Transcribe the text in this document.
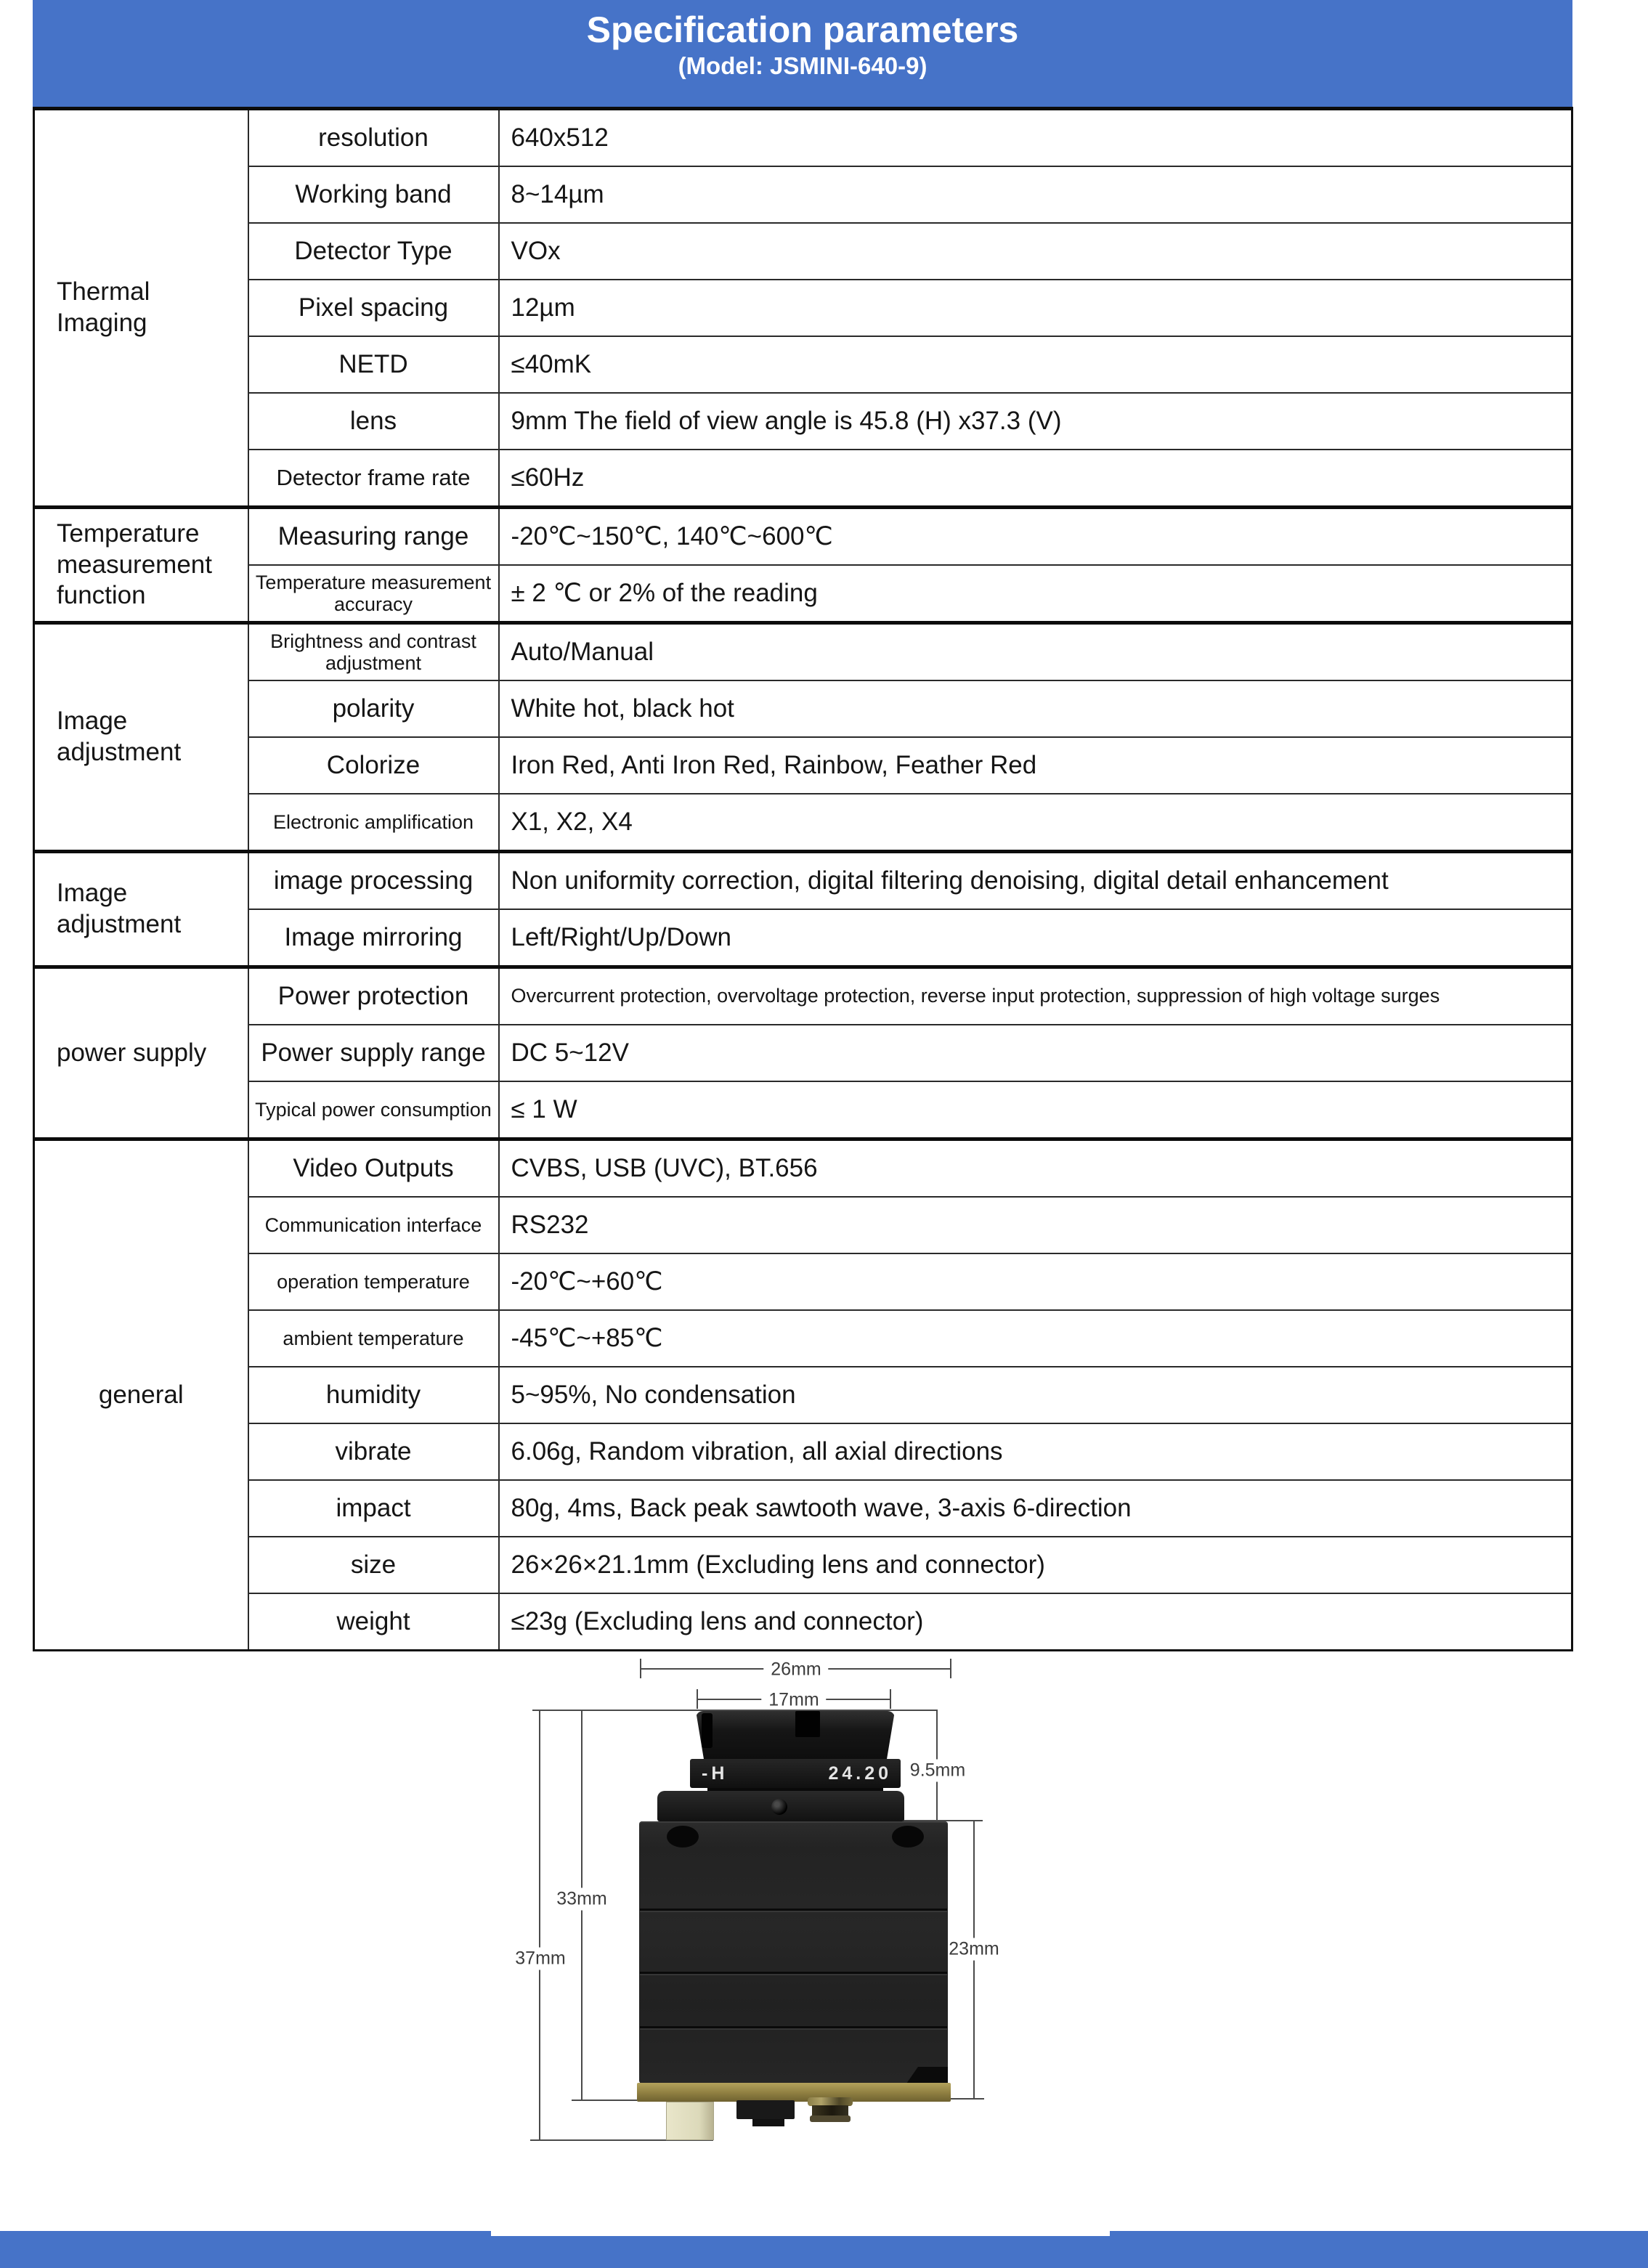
Specification parameters
(Model: JSMINI-640-9)
Thermal Imaging	resolution	640x512
	Working band	8~14µm
	Detector Type	VOx
	Pixel spacing	12µm
	NETD	≤40mK
	lens	9mm The field of view angle is 45.8 (H) x37.3 (V)
	Detector frame rate	≤60Hz
Temperature measurement function	Measuring range	-20℃~150℃, 140℃~600℃
	Temperature measurement accuracy	± 2 ℃ or 2% of the reading
Image adjustment	Brightness and contrast adjustment	Auto/Manual
	polarity	White hot, black hot
	Colorize	Iron Red, Anti Iron Red, Rainbow, Feather Red
	Electronic amplification	X1, X2, X4
Image adjustment	image processing	Non uniformity correction, digital filtering denoising, digital detail enhancement
	Image mirroring	Left/Right/Up/Down
power supply	Power protection	Overcurrent protection, overvoltage protection, reverse input protection, suppression of high voltage surges
	Power supply range	DC 5~12V
	Typical power consumption	≤ 1 W
general	Video Outputs	CVBS, USB (UVC), BT.656
	Communication interface	RS232
	operation temperature	-20℃~+60℃
	ambient temperature	-45℃~+85℃
	humidity	5~95%, No condensation
	vibrate	6.06g, Random vibration, all axial directions
	impact	80g, 4ms, Back peak sawtooth wave, 3-axis 6-direction
	size	26×26×21.1mm (Excluding lens and connector)
	weight	≤23g (Excluding lens and connector)
26mm
17mm
37mm
33mm
9.5mm
23mm
-H	24.20
